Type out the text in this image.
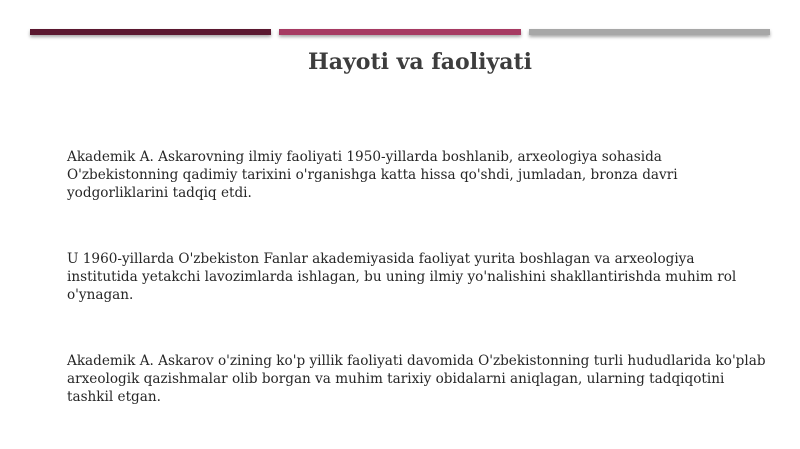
Hayoti va faoliyati
Akademik A. Askarovning ilmiy faoliyati 1950-yillarda boshlanib, arxeologiya sohasida O'zbekistonning qadimiy tarixini o'rganishga katta hissa qo'shdi, jumladan, bronza davri yodgorliklarini tadqiq etdi.
U 1960-yillarda O'zbekiston Fanlar akademiyasida faoliyat yurita boshlagan va arxeologiya institutida yetakchi lavozimlarda ishlagan, bu uning ilmiy yo'nalishini shakllantirishda muhim rol o'ynagan.
Akademik A. Askarov o'zining ko'p yillik faoliyati davomida O'zbekistonning turli hududlarida ko'plab arxeologik qazishmalar olib borgan va muhim tarixiy obidalarni aniqlagan, ularning tadqiqotini tashkil etgan.
